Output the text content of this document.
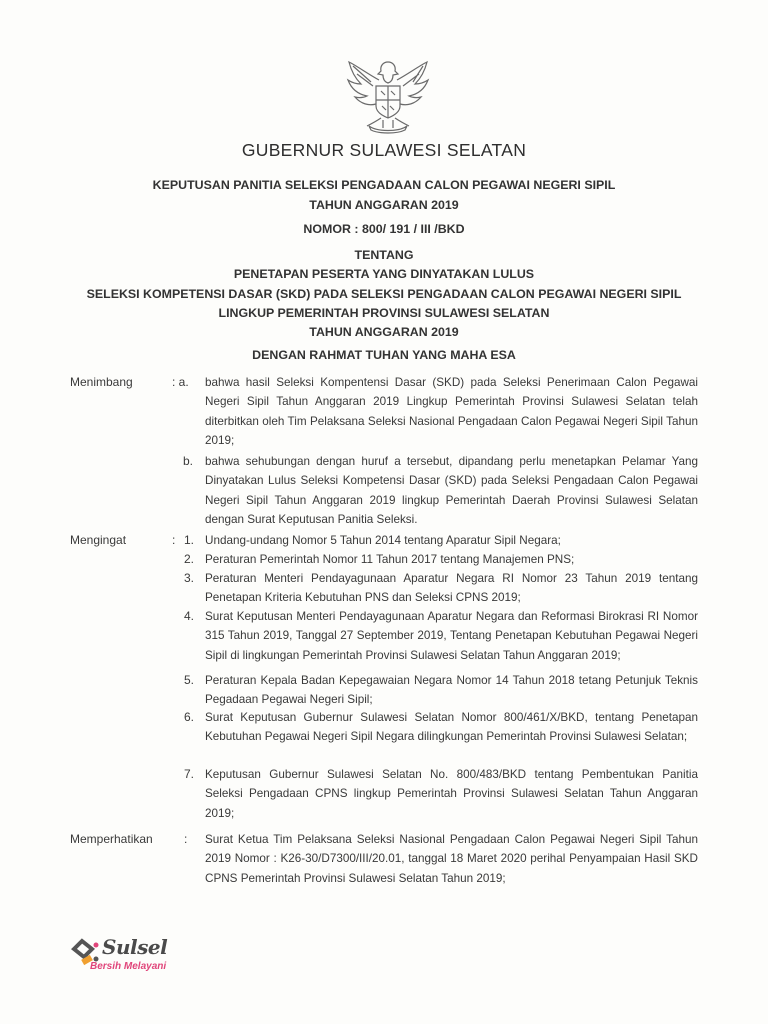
GUBERNUR SULAWESI SELATAN
KEPUTUSAN PANITIA SELEKSI PENGADAAN CALON PEGAWAI NEGERI SIPIL
TAHUN ANGGARAN 2019
NOMOR : 800/ 191 / III /BKD
TENTANG
PENETAPAN PESERTA YANG DINYATAKAN LULUS
SELEKSI KOMPETENSI DASAR (SKD) PADA SELEKSI PENGADAAN CALON PEGAWAI NEGERI SIPIL
LINGKUP PEMERINTAH PROVINSI SULAWESI SELATAN
TAHUN ANGGARAN 2019
DENGAN RAHMAT TUHAN YANG MAHA ESA
Menimbang	: a. bahwa hasil Seleksi Kompentensi Dasar (SKD) pada Seleksi Penerimaan Calon Pegawai Negeri Sipil Tahun Anggaran 2019 Lingkup Pemerintah Provinsi Sulawesi Selatan telah diterbitkan oleh Tim Pelaksana Seleksi Nasional Pengadaan Calon Pegawai Negeri Sipil Tahun 2019;
b. bahwa sehubungan dengan huruf a tersebut, dipandang perlu menetapkan Pelamar Yang Dinyatakan Lulus Seleksi Kompetensi Dasar (SKD) pada Seleksi Pengadaan Calon Pegawai Negeri Sipil Tahun Anggaran 2019 lingkup Pemerintah Daerah Provinsi Sulawesi Selatan dengan Surat Keputusan Panitia Seleksi.
Mengingat	: 1. Undang-undang Nomor 5 Tahun 2014 tentang Aparatur Sipil Negara;
2. Peraturan Pemerintah Nomor 11 Tahun 2017 tentang Manajemen PNS;
3. Peraturan Menteri Pendayagunaan Aparatur Negara RI Nomor 23 Tahun 2019 tentang Penetapan Kriteria Kebutuhan PNS dan Seleksi CPNS 2019;
4. Surat Keputusan Menteri Pendayagunaan Aparatur Negara dan Reformasi Birokrasi RI Nomor 315 Tahun 2019, Tanggal 27 September 2019, Tentang Penetapan Kebutuhan Pegawai Negeri Sipil di lingkungan Pemerintah Provinsi Sulawesi Selatan Tahun Anggaran 2019;
5. Peraturan Kepala Badan Kepegawaian Negara Nomor 14 Tahun 2018 tetang Petunjuk Teknis Pegadaan Pegawai Negeri Sipil;
6. Surat Keputusan Gubernur Sulawesi Selatan Nomor 800/461/X/BKD, tentang Penetapan Kebutuhan Pegawai Negeri Sipil Negara dilingkungan Pemerintah Provinsi Sulawesi Selatan;
7. Keputusan Gubernur Sulawesi Selatan No. 800/483/BKD tentang Pembentukan Panitia Seleksi Pengadaan CPNS lingkup Pemerintah Provinsi Sulawesi Selatan Tahun Anggaran 2019;
Memperhatikan	: Surat Ketua Tim Pelaksana Seleksi Nasional Pengadaan Calon Pegawai Negeri Sipil Tahun 2019 Nomor : K26-30/D7300/III/20.01, tanggal 18 Maret 2020 perihal Penyampaian Hasil SKD CPNS Pemerintah Provinsi Sulawesi Selatan Tahun 2019;
Sulsel
Bersih Melayani
